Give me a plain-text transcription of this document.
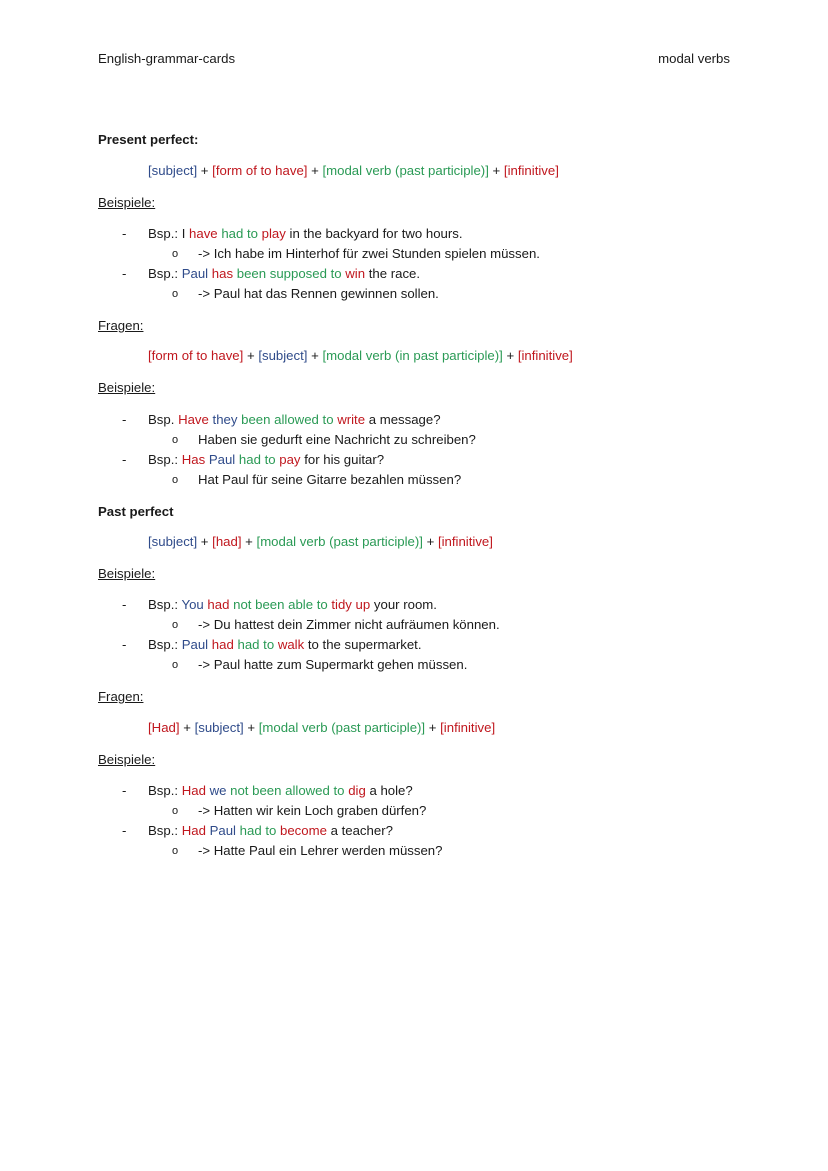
English-grammar-cards	modal verbs
Present perfect:
[subject] + [form of to have] + [modal verb (past participle)] + [infinitive]
Beispiele:
- Bsp.: I have had to play in the backyard for two hours.
o -> Ich habe im Hinterhof für zwei Stunden spielen müssen.
- Bsp.: Paul has been supposed to win the race.
o -> Paul hat das Rennen gewinnen sollen.
Fragen:
[form of to have] + [subject] + [modal verb (in past participle)] + [infinitive]
Beispiele:
- Bsp. Have they been allowed to write a message?
o Haben sie gedurft eine Nachricht zu schreiben?
- Bsp.: Has Paul had to pay for his guitar?
o Hat Paul für seine Gitarre bezahlen müssen?
Past perfect
[subject] + [had] + [modal verb (past participle)] + [infinitive]
Beispiele:
- Bsp.: You had not been able to tidy up your room.
o -> Du hattest dein Zimmer nicht aufräumen können.
- Bsp.: Paul had had to walk to the supermarket.
o -> Paul hatte zum Supermarkt gehen müssen.
Fragen:
[Had] + [subject] + [modal verb (past participle)] + [infinitive]
Beispiele:
- Bsp.: Had we not been allowed to dig a hole?
o -> Hatten wir kein Loch graben dürfen?
- Bsp.: Had Paul had to become a teacher?
o -> Hatte Paul ein Lehrer werden müssen?
